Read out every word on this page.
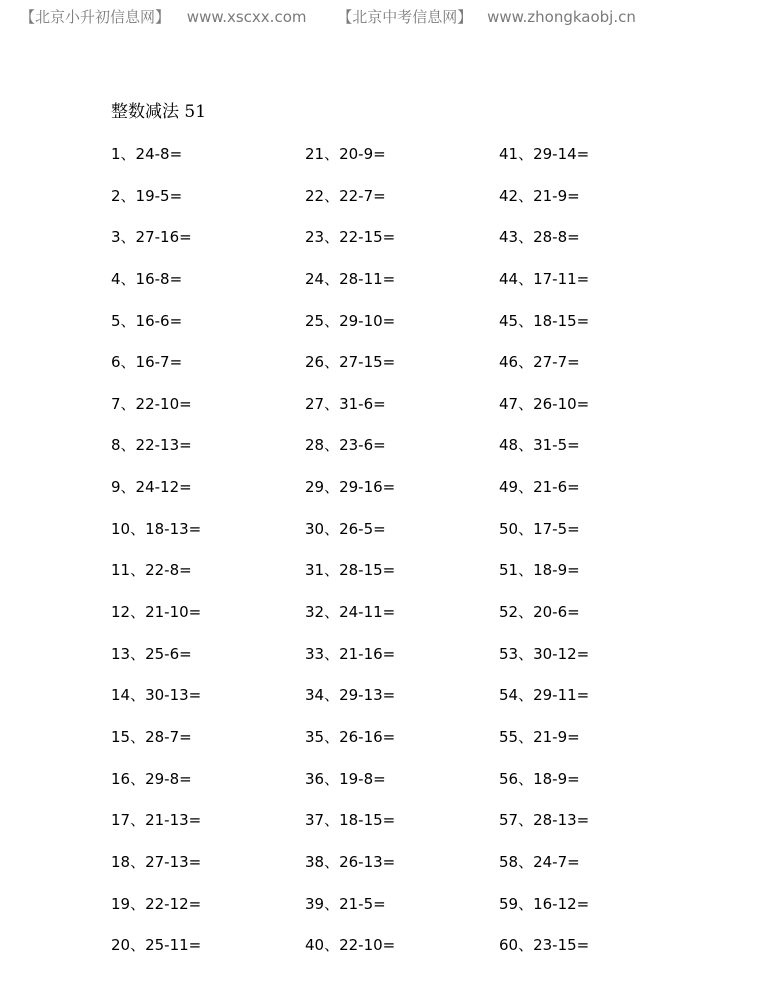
【北京小升初信息网】 www.xscxx.com 【北京中考信息网】 www.zhongkaobj.cn
整数减法 51
1、24-8=
2、19-5=
3、27-16=
4、16-8=
5、16-6=
6、16-7=
7、22-10=
8、22-13=
9、24-12=
10、18-13=
11、22-8=
12、21-10=
13、25-6=
14、30-13=
15、28-7=
16、29-8=
17、21-13=
18、27-13=
19、22-12=
20、25-11=
21、20-9=
22、22-7=
23、22-15=
24、28-11=
25、29-10=
26、27-15=
27、31-6=
28、23-6=
29、29-16=
30、26-5=
31、28-15=
32、24-11=
33、21-16=
34、29-13=
35、26-16=
36、19-8=
37、18-15=
38、26-13=
39、21-5=
40、22-10=
41、29-14=
42、21-9=
43、28-8=
44、17-11=
45、18-15=
46、27-7=
47、26-10=
48、31-5=
49、21-6=
50、17-5=
51、18-9=
52、20-6=
53、30-12=
54、29-11=
55、21-9=
56、18-9=
57、28-13=
58、24-7=
59、16-12=
60、23-15=
